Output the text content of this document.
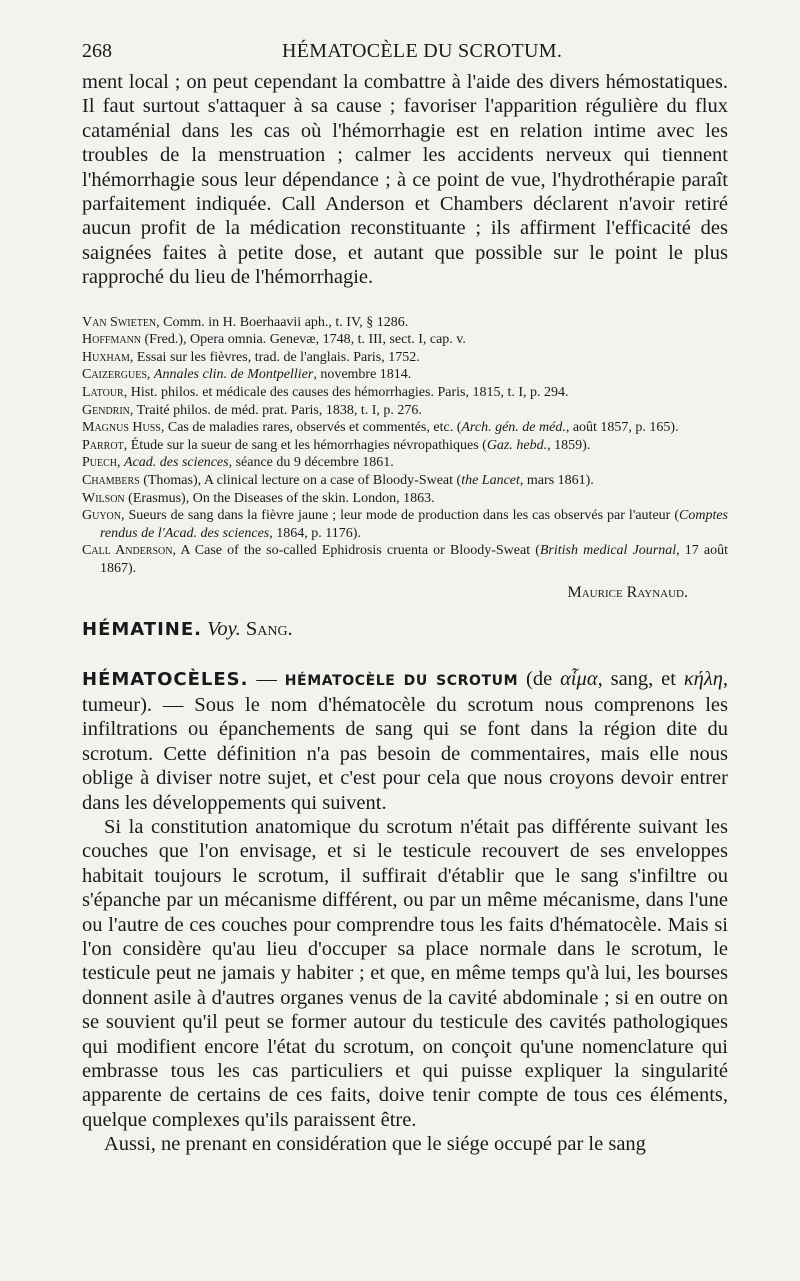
268	HÉMATOCÈLE DU SCROTUM.

ment local ; on peut cependant la combattre à l'aide des divers hémostatiques. Il faut surtout s'attaquer à sa cause ; favoriser l'apparition régulière du flux cataménial dans les cas où l'hémorrhagie est en relation intime avec les troubles de la menstruation ; calmer les accidents nerveux qui tiennent l'hémorrhagie sous leur dépendance ; à ce point de vue, l'hydrothérapie paraît parfaitement indiquée. Call Anderson et Chambers déclarent n'avoir retiré aucun profit de la médication reconstituante ; ils affirment l'efficacité des saignées faites à petite dose, et autant que possible sur le point le plus rapproché du lieu de l'hémorrhagie.

Van Swieten, Comm. in H. Boerhaavii aph., t. IV, § 1286.
Hoffmann (Fred.), Opera omnia. Genevæ, 1748, t. III, sect. I, cap. v.
Huxham, Essai sur les fièvres, trad. de l'anglais. Paris, 1752.
Caizergues, Annales clin. de Montpellier, novembre 1814.
Latour, Hist. philos. et médicale des causes des hémorrhagies. Paris, 1815, t. I, p. 294.
Gendrin, Traité philos. de méd. prat. Paris, 1838, t. I, p. 276.
Magnus Huss, Cas de maladies rares, observés et commentés, etc. (Arch. gén. de méd., août 1857, p. 165).
Parrot, Étude sur la sueur de sang et les hémorrhagies névropathiques (Gaz. hebd., 1859).
Puech, Acad. des sciences, séance du 9 décembre 1861.
Chambers (Thomas), A clinical lecture on a case of Bloody-Sweat (the Lancet, mars 1861).
Wilson (Erasmus), On the Diseases of the skin. London, 1863.
Guyon, Sueurs de sang dans la fièvre jaune ; leur mode de production dans les cas observés par l'auteur (Comptes rendus de l'Acad. des sciences, 1864, p. 1176).
Call Anderson, A Case of the so-called Ephidrosis cruenta or Bloody-Sweat (British medical Journal, 17 août 1867).
Maurice Raynaud.
HÉMATINE. Voy. Sang.

HÉMATOCÈLES. — HÉMATOCÈLE DU SCROTUM (de αἷμα, sang, et κήλη, tumeur). — Sous le nom d'hématocèle du scrotum nous comprenons les infiltrations ou épanchements de sang qui se font dans la région dite du scrotum. Cette définition n'a pas besoin de commentaires, mais elle nous oblige à diviser notre sujet, et c'est pour cela que nous croyons devoir entrer dans les développements qui suivent.

Si la constitution anatomique du scrotum n'était pas différente suivant les couches que l'on envisage, et si le testicule recouvert de ses enveloppes habitait toujours le scrotum, il suffirait d'établir que le sang s'infiltre ou s'épanche par un mécanisme différent, ou par un même mécanisme, dans l'une ou l'autre de ces couches pour comprendre tous les faits d'hématocèle. Mais si l'on considère qu'au lieu d'occuper sa place normale dans le scrotum, le testicule peut ne jamais y habiter ; et que, en même temps qu'à lui, les bourses donnent asile à d'autres organes venus de la cavité abdominale ; si en outre on se souvient qu'il peut se former autour du testicule des cavités pathologiques qui modifient encore l'état du scrotum, on conçoit qu'une nomenclature qui embrasse tous les cas particuliers et qui puisse expliquer la singularité apparente de certains de ces faits, doive tenir compte de tous ces éléments, quelque complexes qu'ils paraissent être.

Aussi, ne prenant en considération que le siége occupé par le sang
